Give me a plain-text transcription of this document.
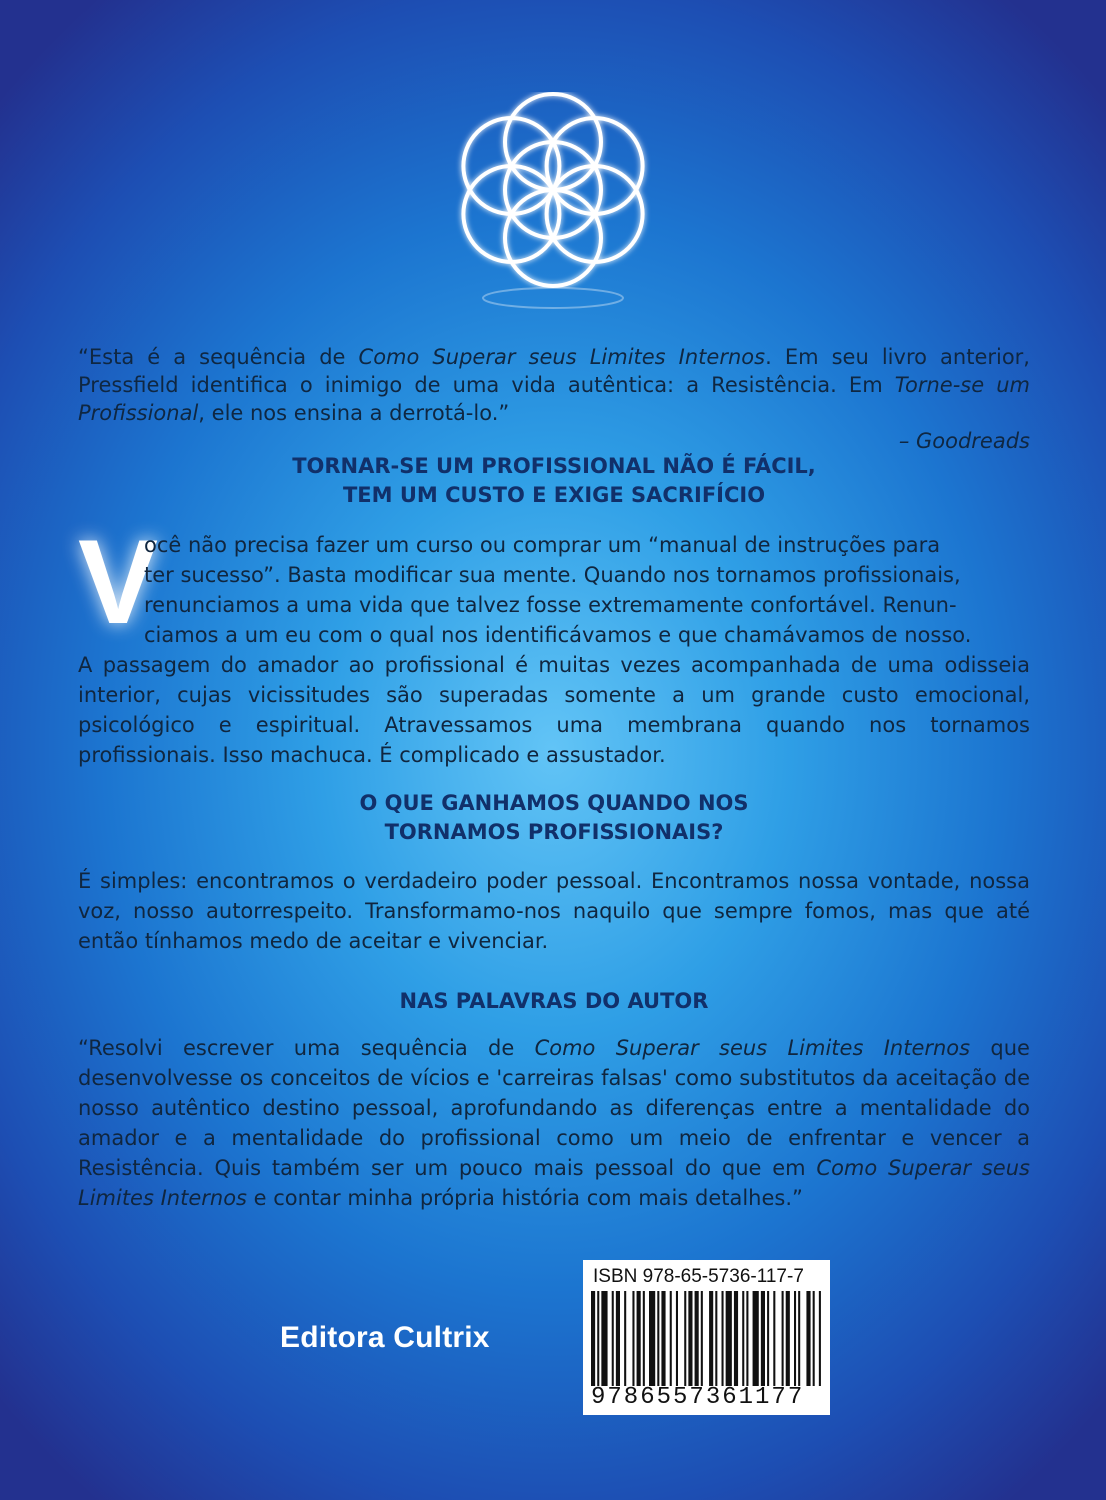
“Esta é a sequência de Como Superar seus Limites Internos. Em seu livro anterior, Pressfield identifica o inimigo de uma vida autêntica: a Resistência. Em Torne-se um Profissional, ele nos ensina a derrotá-lo.”

– Goodreads
TORNAR-SE UM PROFISSIONAL NÃO É FÁCIL,
TEM UM CUSTO E EXIGE SACRIFÍCIO
V
ocê não precisa fazer um curso ou comprar um “manual de instruções para
ter sucesso”. Basta modificar sua mente. Quando nos tornamos profissionais,
renunciamos a uma vida que talvez fosse extremamente confortável. Renun-
ciamos a um eu com o qual nos identificávamos e que chamávamos de nosso.
A passagem do amador ao profissional é muitas vezes acompanhada de uma odisseia interior, cujas vicissitudes são superadas somente a um grande custo emocional, psicológico e espiritual. Atravessamos uma membrana quando nos tornamos profissionais. Isso machuca. É complicado e assustador.
O QUE GANHAMOS QUANDO NOS
TORNAMOS PROFISSIONAIS?
É simples: encontramos o verdadeiro poder pessoal. Encontramos nossa vontade, nossa voz, nosso autorrespeito. Transformamo-nos naquilo que sempre fomos, mas que até então tínhamos medo de aceitar e vivenciar.
NAS PALAVRAS DO AUTOR
“Resolvi escrever uma sequência de Como Superar seus Limites Internos que desenvolvesse os conceitos de vícios e 'carreiras falsas' como substitutos da aceitação de nosso autêntico destino pessoal, aprofundando as diferenças entre a mentalidade do amador e a mentalidade do profissional como um meio de enfrentar e vencer a Resistência. Quis também ser um pouco mais pessoal do que em Como Superar seus Limites Internos e contar minha própria história com mais detalhes.”
Editora Cultrix
ISBN 978-65-5736-117-7
9786557361177
